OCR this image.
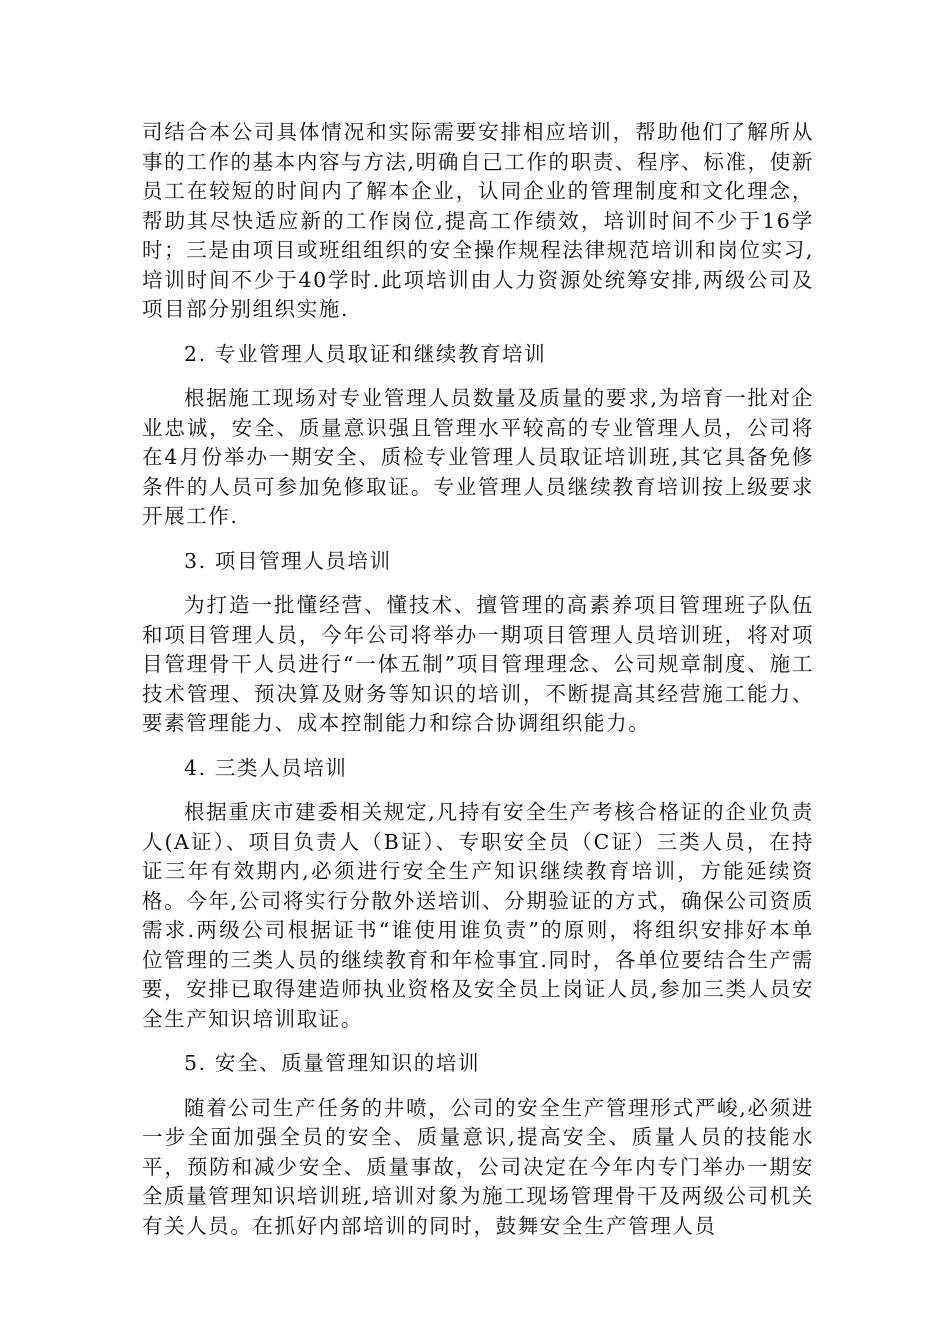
司结合本公司具体情况和实际需要安排相应培训，帮助他们了解所从事的工作的基本内容与方法,明确自己工作的职责、程序、标准，使新员工在较短的时间内了解本企业，认同企业的管理制度和文化理念，帮助其尽快适应新的工作岗位,提高工作绩效，培训时间不少于16学时；三是由项目或班组组织的安全操作规程法律规范培训和岗位实习,培训时间不少于40学时.此项培训由人力资源处统筹安排,两级公司及项目部分别组织实施.

2. 专业管理人员取证和继续教育培训

根据施工现场对专业管理人员数量及质量的要求,为培育一批对企业忠诚，安全、质量意识强且管理水平较高的专业管理人员，公司将在4月份举办一期安全、质检专业管理人员取证培训班,其它具备免修条件的人员可参加免修取证。专业管理人员继续教育培训按上级要求开展工作.

3. 项目管理人员培训

为打造一批懂经营、懂技术、擅管理的高素养项目管理班子队伍和项目管理人员，今年公司将举办一期项目管理人员培训班，将对项目管理骨干人员进行“一体五制”项目管理理念、公司规章制度、施工技术管理、预决算及财务等知识的培训，不断提高其经营施工能力、要素管理能力、成本控制能力和综合协调组织能力。

4. 三类人员培训

根据重庆市建委相关规定,凡持有安全生产考核合格证的企业负责人(A证）、项目负责人（B证）、专职安全员（C证）三类人员，在持证三年有效期内,必须进行安全生产知识继续教育培训，方能延续资格。今年,公司将实行分散外送培训、分期验证的方式，确保公司资质需求.两级公司根据证书“谁使用谁负责”的原则，将组织安排好本单位管理的三类人员的继续教育和年检事宜.同时，各单位要结合生产需要，安排已取得建造师执业资格及安全员上岗证人员,参加三类人员安全生产知识培训取证。

5. 安全、质量管理知识的培训

随着公司生产任务的井喷，公司的安全生产管理形式严峻,必须进一步全面加强全员的安全、质量意识,提高安全、质量人员的技能水平，预防和减少安全、质量事故，公司决定在今年内专门举办一期安全质量管理知识培训班,培训对象为施工现场管理骨干及两级公司机关有关人员。在抓好内部培训的同时，鼓舞安全生产管理人员
